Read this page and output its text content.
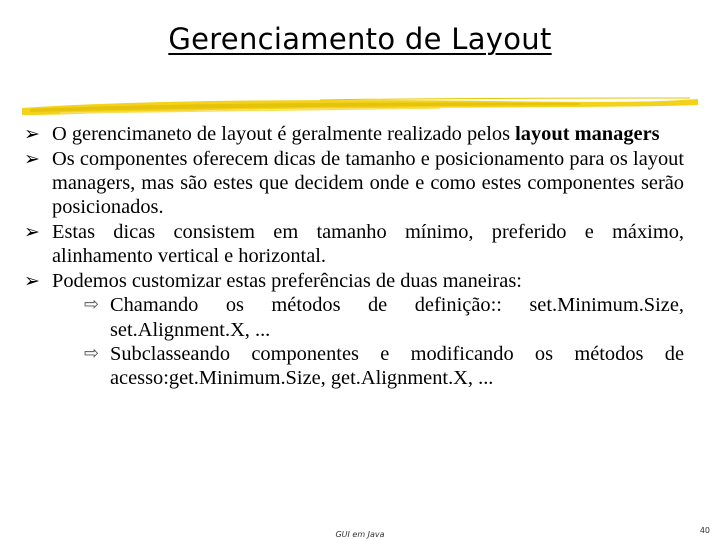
Gerenciamento de Layout
➢ O gerencimaneto de layout é geralmente realizado pelos layout managers
➢ Os componentes oferecem dicas de tamanho e posicionamento para os layout managers, mas são estes que decidem onde e como estes componentes serão posicionados.
➢ Estas dicas consistem em tamanho mínimo, preferido e máximo, alinhamento vertical e horizontal.
➢ Podemos customizar estas preferências de duas maneiras:
⇨ Chamando os métodos de definição:: set.Minimum.Size, set.Alignment.X, ...
⇨ Subclasseando componentes e modificando os métodos de acesso:get.Minimum.Size, get.Alignment.X, ...
GUI em Java	40
